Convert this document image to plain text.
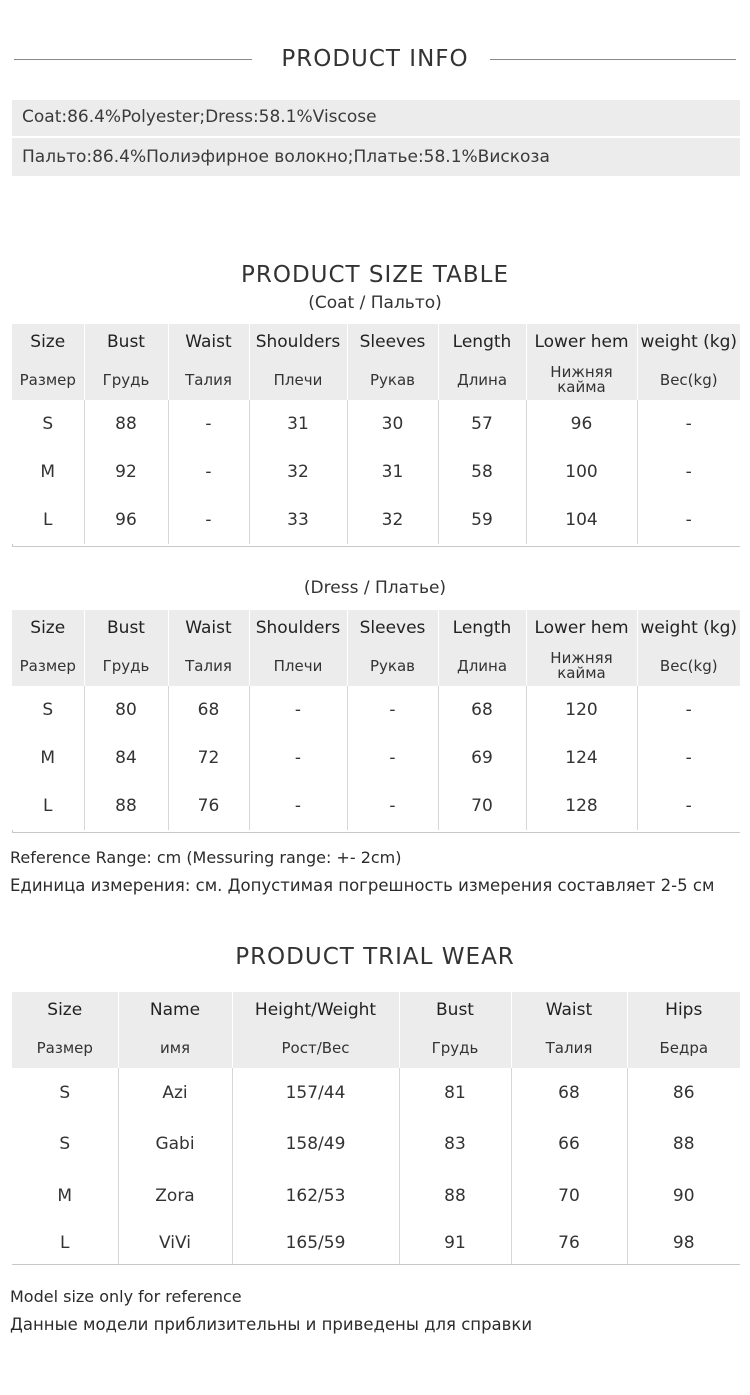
PRODUCT INFO
Coat:86.4%Polyester;Dress:58.1%Viscose
Пальто:86.4%Полиэфирное волокно;Платье:58.1%Вискоза
PRODUCT SIZE TABLE
(Coat / Пальто)
Size	Bust	Waist	Shoulders	Sleeves	Length	Lower hem	weight (kg)
Размер	Грудь	Талия	Плечи	Рукав	Длина	Нижняя кайма	Вес(kg)
S	88	-	31	30	57	96	-
M	92	-	32	31	58	100	-
L	96	-	33	32	59	104	-
(Dress / Платье)
Size	Bust	Waist	Shoulders	Sleeves	Length	Lower hem	weight (kg)
Размер	Грудь	Талия	Плечи	Рукав	Длина	Нижняя кайма	Вес(kg)
S	80	68	-	-	68	120	-
M	84	72	-	-	69	124	-
L	88	76	-	-	70	128	-
Reference Range: cm (Messuring range: +- 2cm)
Единица измерения: см. Допустимая погрешность измерения составляет 2-5 см
PRODUCT TRIAL WEAR
Size	Name	Height/Weight	Bust	Waist	Hips
Размер	имя	Рост/Вес	Грудь	Талия	Бедра
S	Azi	157/44	81	68	86
S	Gabi	158/49	83	66	88
M	Zora	162/53	88	70	90
L	ViVi	165/59	91	76	98
Model size only for reference
Данные модели приблизительны и приведены для справки
